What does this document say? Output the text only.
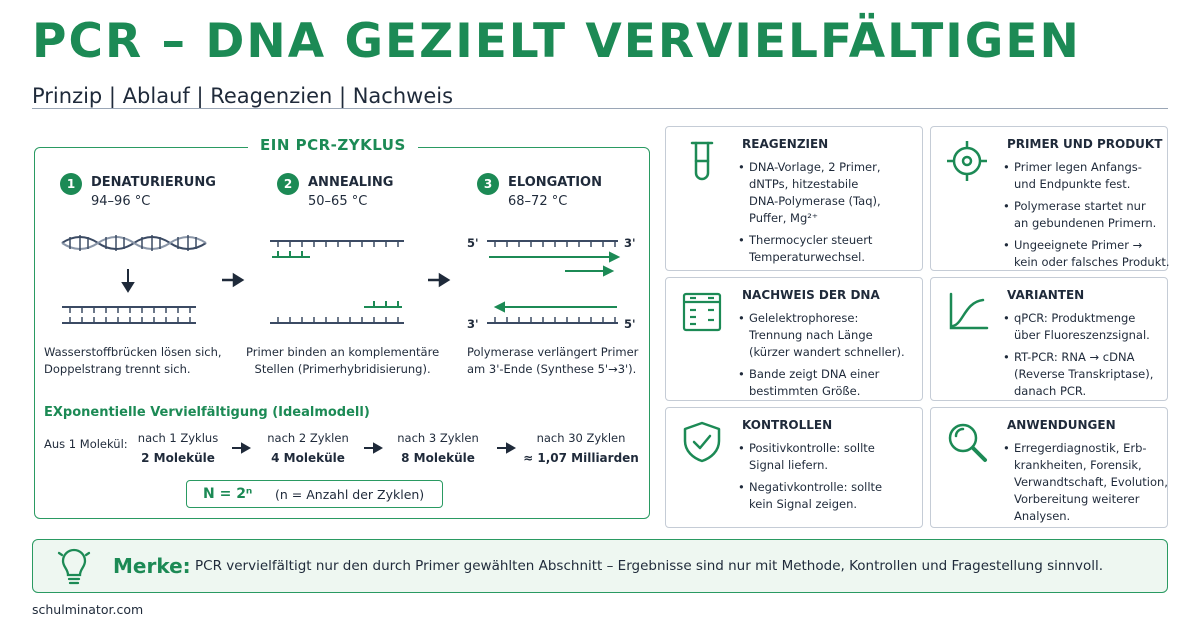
PCR – DNA GEZIELT VERVIELFÄLTIGEN
Prinzip | Ablauf | Reagenzien | Nachweis
EIN PCR-ZYKLUS
1	DENATURIERUNG
94–96 °C
2	ANNEALING
50–65 °C
3	ELONGATION
68–72 °C
5'	3'
3'	5'
Wasserstoffbrücken lösen sich,
Doppelstrang trennt sich.
Primer binden an komplementäre
Stellen (Primerhybridisierung).
Polymerase verlängert Primer
am 3'-Ende (Synthese 5'→3').
EXponentielle Vervielfältigung (Idealmodell)
Aus 1 Molekül: nach 1 Zyklus
2 Moleküle
nach 2 Zyklen
4 Moleküle
nach 3 Zyklen
8 Moleküle
nach 30 Zyklen
≈ 1,07 Milliarden
N = 2ⁿ (n = Anzahl der Zyklen)
REAGENZIEN
• DNA-Vorlage, 2 Primer,
dNTPs, hitzestabile
DNA-Polymerase (Taq),
Puffer, Mg²⁺
• Thermocycler steuert
Temperaturwechsel.
PRIMER UND PRODUKT
• Primer legen Anfangs-
und Endpunkte fest.
• Polymerase startet nur
an gebundenen Primern.
• Ungeeignete Primer →
kein oder falsches Produkt.
NACHWEIS DER DNA
• Gelelektrophorese:
Trennung nach Länge
(kürzer wandert schneller).
• Bande zeigt DNA einer
bestimmten Größe.
VARIANTEN
• qPCR: Produktmenge
über Fluoreszenzsignal.
• RT-PCR: RNA → cDNA
(Reverse Transkriptase),
danach PCR.
KONTROLLEN
• Positivkontrolle: sollte
Signal liefern.
• Negativkontrolle: sollte
kein Signal zeigen.
ANWENDUNGEN
• Erregerdiagnostik, Erb-
krankheiten, Forensik,
Verwandtschaft, Evolution,
Vorbereitung weiterer
Analysen.
Merke: PCR vervielfältigt nur den durch Primer gewählten Abschnitt – Ergebnisse sind nur mit Methode, Kontrollen und Fragestellung sinnvoll.
schulminator.com
